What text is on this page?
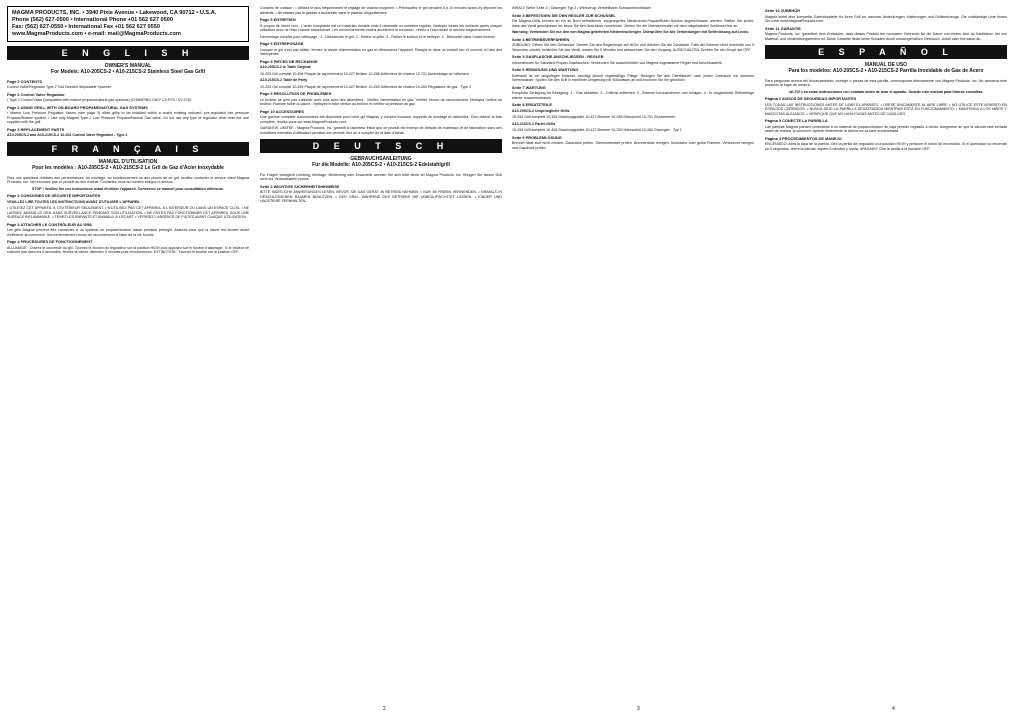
MAGMA PRODUCTS, INC. • 3940 Pixie Avenue • Lakewood, CA 90712 • U.S.A.
Phone (562) 627-0500 • International Phone +01 562 627 0500
Fax: (562) 627-0550 • International Fax +01 562 627 0550
www.MagmaProducts.com • e-mail: mail@MagmaProducts.com
E N G L I S H
OWNER'S MANUAL
For Models: A10-205CS-2 • A10-215CS-2 Stainless Steel Gas Grill
Page 2 CONTENTS
Control Valve/Regulator Type 2 Tool Needed /Adjustable Spanner
Page 2 Control Valve Regulator
• Type 2 Control Valve (compatible with marine propane/natural gas systems) (CHAMPING GAS* CV-R70 / CV-27D)
Page 2 USING GRILL WITH ON-BOARD PROPANE/NATURAL GAS SYSTEMS
• Marine Low Pressure Regulator Valves (see page 3) allow grills to be installed within a boat's existing onboard, pre-regulated low pressure Propane/Butane system. • Use only Magma Type 2 Low Pressure Propane/Natural Gas valve. Do not use any type of regulator other than the one supplied with the grill.
Page 3 REPLACEMENT PARTS
A10-205CS-2 and A10-215CS-2 10-262 Control Valve Regulator - Type 2
F R A N Ç A I S
MANUEL D'UTILISATION
Pour les modèles : A10-205CS-2 • A10-215CS-2 Le Gril de Gaz d'Acier Inoxydable
Pour vos questions relatives aux performances, au montage, au fonctionnement ou aux pièces de ce gril, veuillez contacter le service client Magma Products, Inc. Ne retournez pas ce produit au lieu d'achat. Contactez-nous au numéro indiqué ci-dessus.
STOP ! Veuillez lire ces instructions avant d'utiliser l'appareil. Conservez ce manuel pour consultation ultérieure.
Page 2 CONSIGNES DE SÉCURITÉ IMPORTANTES
VEUILLEZ LIRE TOUTES LES INSTRUCTIONS AVANT D'UTILISER L'APPAREIL
• UTILISEZ CET APPAREIL À L'EXTÉRIEUR SEULEMENT. • N'UTILISEZ PAS CET APPAREIL À L'INTÉRIEUR OU DANS UN ESPACE CLOS. • NE LAISSEZ JAMAIS LE GRIL SANS SURVEILLANCE PENDANT SON UTILISATION. • NE FAITES PAS FONCTIONNER CET APPAREIL SOUS UNE SURFACE INFLAMMABLE. • TENEZ LES ENFANTS ET ANIMAUX À L'ÉCART. • VÉRIFIEZ L'ABSENCE DE FUITES AVANT CHAQUE UTILISATION.
Page 3 ATTACHER LE CONTRÔLEUR AU GRIL
Les grils Magma peuvent être connectés à un système de propane/butane basse pression préréglé. Assurez-vous que la vanne est fermée avant d'effectuer la connexion. Serrez fermement l'écrou de raccordement à l'aide de la clé fournie.
Page 4 PROCÉDURES DE FONCTIONNEMENT
ALLUMAGE : Ouvrez le couvercle du gril. Tournez le bouton du régulateur sur la position HIGH puis appuyez sur le bouton d'allumage. Si le brûleur ne s'allume pas dans les 5 secondes, fermez la vanne, attendez 5 minutes puis recommencez. EXTINCTION : Tournez le bouton sur la position OFF.
Conseils de cuisson : • Utilisez le plus fréquemment le réglage de chaleur moyenne. • Préchauffez le gril pendant 5 à 10 minutes avant d'y déposer les aliments. • Ne laissez pas la graisse s'accumuler dans le plateau d'égouttement.
Page 5 ENTRETIEN
À propos de l'acier inox : L'acier inoxydable est un matériau durable mais il nécessite un entretien régulier. Nettoyez toutes les surfaces après chaque utilisation avec de l'eau chaude savonneuse. Les environnements marins accélèrent la corrosion ; rincez à l'eau douce et séchez soigneusement.
Démontage complet pour nettoyage : 1 - Débrancher le gril. 2 - Retirer la grille. 3 - Retirer le brûleur et le nettoyer. 4 - Remonter dans l'ordre inverse.
Page 6 ENTREPOSAGE
Lorsque le gril n'est pas utilisé, fermez la vanne d'alimentation en gaz et débranchez l'appareil. Rangez-le dans un endroit sec et couvert, à l'abri des intempéries.
Page 8 PIÈCES DE RECHANGE
A10-205CS-2 le Table Original
10-253 Gril complet 10-454 Plaque de rayonnement 10-427 Brûleur 10-258 Déflecteur de chaleur 10-701 Assemblage de l'allumeur
A10-215CS-2 Table de Party
10-253 Gril complet 10-454 Plaque de rayonnement 10-427 Brûleur 10-259 Déflecteur de chaleur 10-260 Régulateur de gaz - Type 2
Page 9 RÉSOLUTION DE PROBLÈMES
Le brûleur ne peut pas s'allumer avec plus avec des allumettes : Vérifiez l'alimentation en gaz. Vérifiez l'écrou de raccordement. Nettoyez l'orifice du brûleur. Flamme faible ou jaune : Nettoyez le tube venturi du brûleur et vérifiez la pression du gaz.
Page 10 ACCESSOIRES
Une gamme complète d'accessoires est disponible pour votre gril Magma, y compris housses, supports de montage et ustensiles. Pour obtenir la liste complète, rendez-vous sur www.MagmaProducts.com.
GARANTIE LIMITÉE : Magma Products, Inc. garantit à l'acheteur initial que ce produit est exempt de défauts de matériaux et de fabrication dans des conditions normales d'utilisation pendant une période d'un an à compter de la date d'achat.
D E U T S C H
GEBRAUCHSANLEITUNG
Für die Modelle: A10-205CS-2 • A10-215CS-2 Edelstahlgrill
Für Fragen bezüglich Leistung, Montage, Bedienung oder Ersatzteile wenden Sie sich bitte direkt an Magma Products, Inc. Bringen Sie diesen Grill nicht zur Verkaufsstelle zurück.
Seite 2 WICHTIGE SICHERHEITSHINWEISE
BITTE SÄMTLICHE ANWEISUNGEN LESEN, BEVOR SIE DAS GERÄT IN BETRIEB NEHMEN. • NUR IM FREIEN VERWENDEN. • NIEMALS IN GESCHLOSSENEN RÄUMEN BENUTZEN. • DEN GRILL WÄHREND DES BETRIEBS NIE UNBEAUFSICHTIGT LASSEN. • KINDER UND HAUSTIERE FERNHALTEN.
INHALT: Siehe Seite 2 • Gasregler Typ 2 • Werkzeug: Verstellbarer Schraubenschlüssel
Seite 3 BEFESTIGEN SIE DEN REGLER ZUR SCHÜSSEL
Die Magma-Grills können an ein an Bord befindliches, vorgeregeltes Niederdruck-Propan/Butan-System angeschlossen werden. Stellen Sie sicher, dass das Ventil geschlossen ist, bevor Sie den Anschluss vornehmen. Ziehen Sie die Überwurfmutter mit dem mitgelieferten Schlüssel fest an.
Warnung: Verwenden Sie nur den von Magma gelieferten Niederdruckregler. Überprüfen Sie alle Verbindungen mit Seifenlösung auf Lecks.
Seite 4 BETRIEBSVERFAHREN
ZÜNDUNG: Öffnen Sie den Grilldeckel. Drehen Sie den Reglerknopf auf HIGH und drücken Sie die Zündtaste. Falls der Brenner nicht innerhalb von 5 Sekunden zündet, schließen Sie das Ventil, warten Sie 5 Minuten und wiederholen Sie den Vorgang. AUSSCHALTEN: Drehen Sie den Knopf auf OFF.
Seite 5 GASFLASCHE ANSCHLIESSEN - REGLER
Informationen für Standard-Propan-Gasflaschen. Verwenden Sie ausschließlich von Magma zugelassene Regler und Anschlussteile.
Seite 6 REINIGUNG UND WARTUNG
Edelstahl ist ein langlebiges Material, benötigt jedoch regelmäßige Pflege. Reinigen Sie alle Oberflächen nach jedem Gebrauch mit warmem Seifenwasser. Spülen Sie den Grill in maritimer Umgebung mit Süßwasser ab und trocknen Sie ihn gründlich.
Seite 7 WARTUNG
Komplette Zerlegung für Reinigung: 1 - Gas abstellen. 2 - Grillrost entfernen. 3 - Brenner herausnehmen und reinigen. 4 - In umgekehrter Reihenfolge wieder zusammenbauen.
Seite 8 ERSATZTEILE
A10-205CS-2 Ursprüngliche Grills
10-253 Grill komplett 10-454 Strahlungsplatte 10-427 Brenner 10-258 Hitzeschild 10-701 Zündelement
A10-215CS-2 Partei-Grills
10-253 Grill komplett 10-454 Strahlungsplatte 10-427 Brenner 10-259 Hitzeschild 10-260 Gasregler - Typ 2
Seite 9 PROBLEMLÖSUNG
Brenner lässt sich nicht zünden: Gaszufuhr prüfen. Überwurfmutter prüfen. Brennerdüse reinigen. Schwache oder gelbe Flamme: Venturirohr reinigen und Gasdruck prüfen.
Seite 10 ZUBEHÖR
Magma bietet eine komplette Zubehörpalette für Ihren Grill an, darunter Abdeckungen, Halterungen und Grillwerkzeuge. Die vollständige Liste finden Sie unter www.MagmaProducts.com.
Seite 11 GARANTIE
Magma Products, Inc. garantiert dem Erstkäufer, dass dieses Produkt bei normalem Gebrauch für die Dauer von einem Jahr ab Kaufdatum frei von Material- und Verarbeitungsfehlern ist. Diese Garantie deckt keine Schäden durch unsachgemäßen Gebrauch, Unfall oder Korrosion ab.
E S P A Ñ O L
MANUAL DE USO
Para los modelos: A10-205CS-2 • A10-215CS-2 Parrilla Inoxidable de Gas de Acero
Para preguntas acerca del funcionamiento, montaje o piezas de esta parrilla, comuníquese directamente con Magma Products, Inc. No devuelva este producto al lugar de compra.
¡ALTO! Lea estas instrucciones con cuidado antes de usar el aparato. Guarde este manual para futuras consultas.
Página 2 AVISOS DE SEGURIDAD IMPORTANTES
LEA TODAS LAS INSTRUCCIONES ANTES DE USAR EL APARATO. • ÚSESE ÚNICAMENTE AL AIRE LIBRE. • NO UTILICE ESTE APARATO EN ESPACIOS CERRADOS. • NUNCA DEJE LA PARRILLA DESATENDIDA MIENTRAS ESTÁ EN FUNCIONAMIENTO. • MANTENGA A LOS NIÑOS Y MASCOTAS ALEJADOS. • VERIFIQUE QUE NO HAYA FUGAS ANTES DE CADA USO.
Página 3 CONECTE LA PARRILLA
Las parrillas Magma pueden conectarse a un sistema de propano/butano de baja presión regulado a bordo. Asegúrese de que la válvula esté cerrada antes de realizar la conexión. Apriete firmemente la tuerca con la llave suministrada.
Página 4 PROCEDIMIENTOS DE MANEJO
ENCENDIDO: Abra la tapa de la parrilla. Gire la perilla del regulador a la posición HIGH y presione el botón de encendido. Si el quemador no enciende en 5 segundos, cierre la válvula, espere 5 minutos y repita. APAGADO: Gire la perilla a la posición OFF.
2	3	4
